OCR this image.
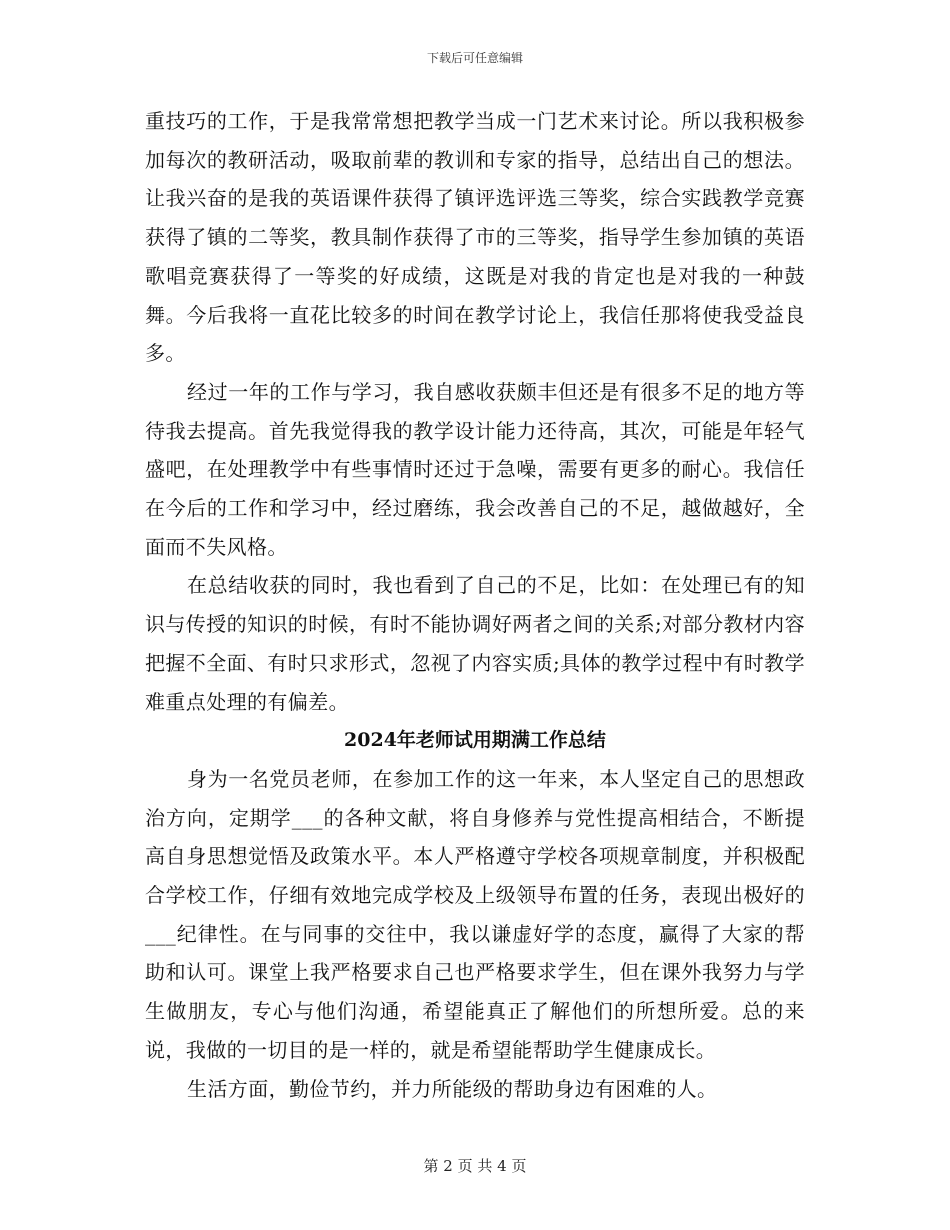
下载后可任意编辑

重技巧的工作，于是我常常想把教学当成一门艺术来讨论。所以我积极参加每次的教研活动，吸取前辈的教训和专家的指导，总结出自己的想法。让我兴奋的是我的英语课件获得了镇评选评选三等奖，综合实践教学竞赛获得了镇的二等奖，教具制作获得了市的三等奖，指导学生参加镇的英语歌唱竞赛获得了一等奖的好成绩，这既是对我的肯定也是对我的一种鼓舞。今后我将一直花比较多的时间在教学讨论上，我信任那将使我受益良多。

经过一年的工作与学习，我自感收获颇丰但还是有很多不足的地方等待我去提高。首先我觉得我的教学设计能力还待高，其次，可能是年轻气盛吧，在处理教学中有些事情时还过于急噪，需要有更多的耐心。我信任在今后的工作和学习中，经过磨练，我会改善自己的不足，越做越好，全面而不失风格。

在总结收获的同时，我也看到了自己的不足，比如：在处理已有的知识与传授的知识的时候，有时不能协调好两者之间的关系;对部分教材内容把握不全面、有时只求形式，忽视了内容实质;具体的教学过程中有时教学难重点处理的有偏差。

2024年老师试用期满工作总结

身为一名党员老师，在参加工作的这一年来，本人坚定自己的思想政治方向，定期学___的各种文献，将自身修养与党性提高相结合，不断提高自身思想觉悟及政策水平。本人严格遵守学校各项规章制度，并积极配合学校工作，仔细有效地完成学校及上级领导布置的任务，表现出极好的___纪律性。在与同事的交往中，我以谦虚好学的态度，赢得了大家的帮助和认可。课堂上我严格要求自己也严格要求学生，但在课外我努力与学生做朋友，专心与他们沟通，希望能真正了解他们的所想所爱。总的来说，我做的一切目的是一样的，就是希望能帮助学生健康成长。

生活方面，勤俭节约，并力所能级的帮助身边有困难的人。

第 2 页 共 4 页
